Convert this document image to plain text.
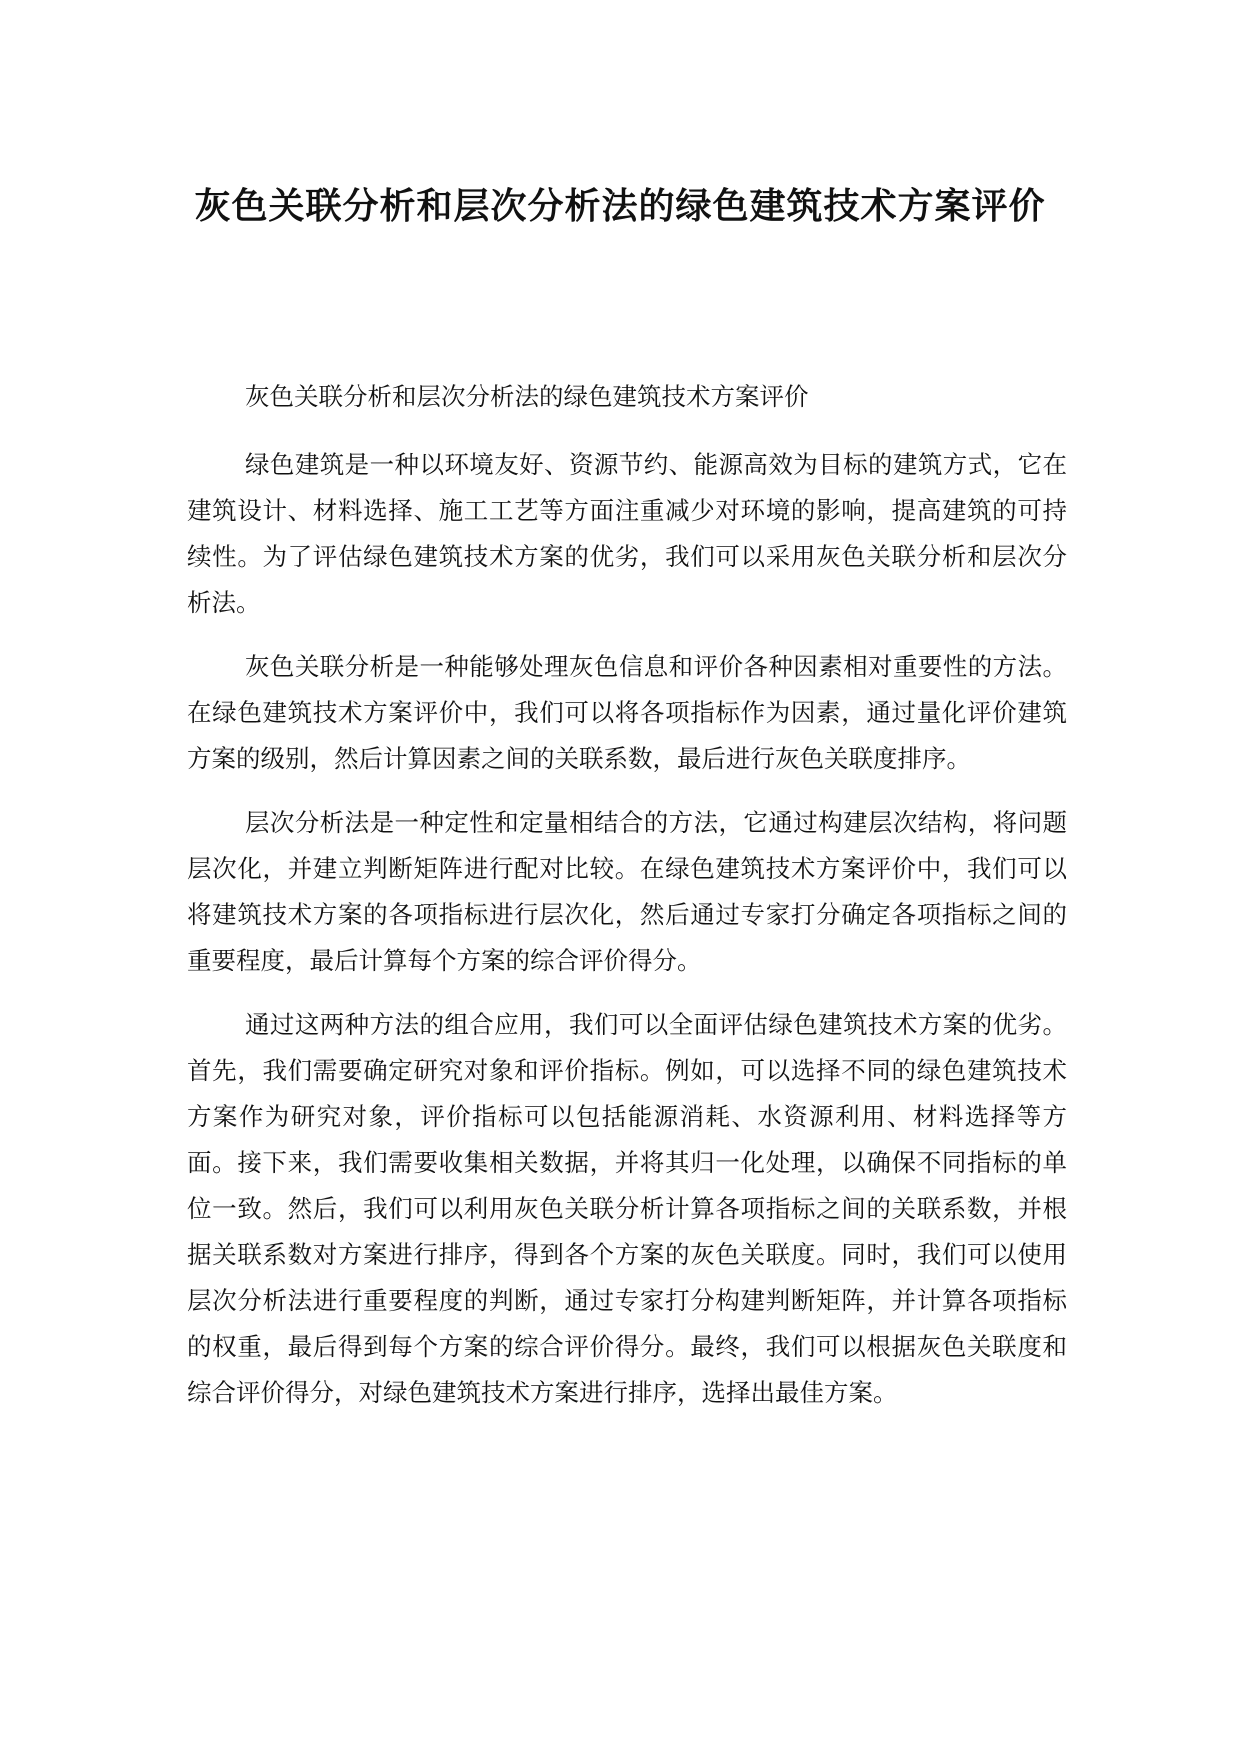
灰色关联分析和层次分析法的绿色建筑技术方案评价

灰色关联分析和层次分析法的绿色建筑技术方案评价

绿色建筑是一种以环境友好、资源节约、能源高效为目标的建筑方式，它在建筑设计、材料选择、施工工艺等方面注重减少对环境的影响，提高建筑的可持续性。为了评估绿色建筑技术方案的优劣，我们可以采用灰色关联分析和层次分析法。

灰色关联分析是一种能够处理灰色信息和评价各种因素相对重要性的方法。在绿色建筑技术方案评价中，我们可以将各项指标作为因素，通过量化评价建筑方案的级别，然后计算因素之间的关联系数，最后进行灰色关联度排序。

层次分析法是一种定性和定量相结合的方法，它通过构建层次结构，将问题层次化，并建立判断矩阵进行配对比较。在绿色建筑技术方案评价中，我们可以将建筑技术方案的各项指标进行层次化，然后通过专家打分确定各项指标之间的重要程度，最后计算每个方案的综合评价得分。

通过这两种方法的组合应用，我们可以全面评估绿色建筑技术方案的优劣。首先，我们需要确定研究对象和评价指标。例如，可以选择不同的绿色建筑技术方案作为研究对象，评价指标可以包括能源消耗、水资源利用、材料选择等方面。接下来，我们需要收集相关数据，并将其归一化处理，以确保不同指标的单位一致。然后，我们可以利用灰色关联分析计算各项指标之间的关联系数，并根据关联系数对方案进行排序，得到各个方案的灰色关联度。同时，我们可以使用层次分析法进行重要程度的判断，通过专家打分构建判断矩阵，并计算各项指标的权重，最后得到每个方案的综合评价得分。最终，我们可以根据灰色关联度和综合评价得分，对绿色建筑技术方案进行排序，选择出最佳方案。
